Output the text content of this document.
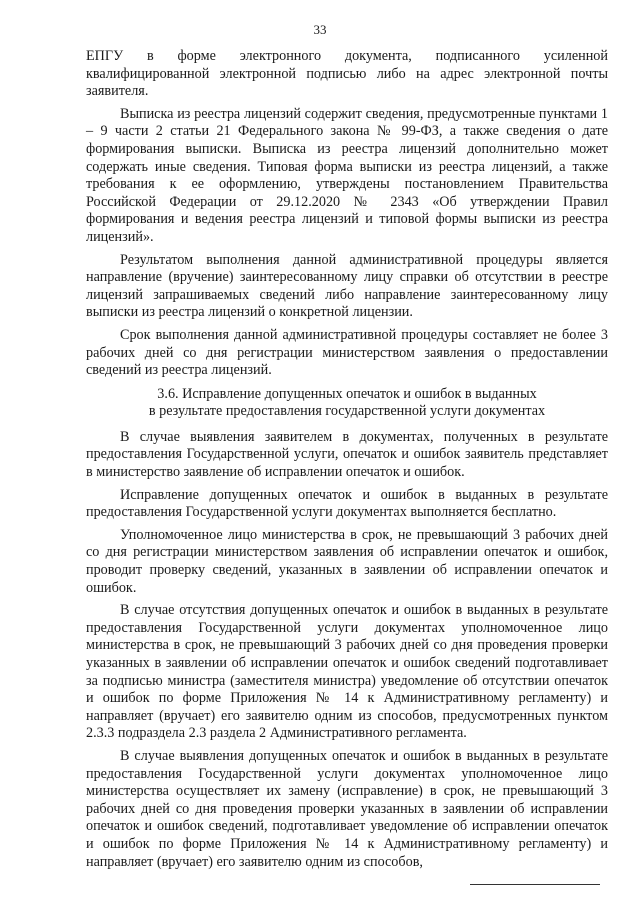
33

ЕПГУ в форме электронного документа, подписанного усиленной квалифицированной электронной подписью либо на адрес электронной почты заявителя.

Выписка из реестра лицензий содержит сведения, предусмотренные пунктами 1 – 9 части 2 статьи 21 Федерального закона № 99-ФЗ, а также сведения о дате формирования выписки. Выписка из реестра лицензий дополнительно может содержать иные сведения. Типовая форма выписки из реестра лицензий, а также требования к ее оформлению, утверждены постановлением Правительства Российской Федерации от 29.12.2020 № 2343 «Об утверждении Правил формирования и ведения реестра лицензий и типовой формы выписки из реестра лицензий».

Результатом выполнения данной административной процедуры является направление (вручение) заинтересованному лицу справки об отсутствии в реестре лицензий запрашиваемых сведений либо направление заинтересованному лицу выписки из реестра лицензий о конкретной лицензии.

Срок выполнения данной административной процедуры составляет не более 3 рабочих дней со дня регистрации министерством заявления о предоставлении сведений из реестра лицензий.

3.6. Исправление допущенных опечаток и ошибок в выданных
в результате предоставления государственной услуги документах

В случае выявления заявителем в документах, полученных в результате предоставления Государственной услуги, опечаток и ошибок заявитель представляет в министерство заявление об исправлении опечаток и ошибок.

Исправление допущенных опечаток и ошибок в выданных в результате предоставления Государственной услуги документах выполняется бесплатно.

Уполномоченное лицо министерства в срок, не превышающий 3 рабочих дней со дня регистрации министерством заявления об исправлении опечаток и ошибок, проводит проверку сведений, указанных в заявлении об исправлении опечаток и ошибок.

В случае отсутствия допущенных опечаток и ошибок в выданных в результате предоставления Государственной услуги документах уполномоченное лицо министерства в срок, не превышающий 3 рабочих дней со дня проведения проверки указанных в заявлении об исправлении опечаток и ошибок сведений подготавливает за подписью министра (заместителя министра) уведомление об отсутствии опечаток и ошибок по форме Приложения № 14 к Административному регламенту) и направляет (вручает) его заявителю одним из способов, предусмотренных пунктом 2.3.3 подраздела 2.3 раздела 2 Административного регламента.

В случае выявления допущенных опечаток и ошибок в выданных в результате предоставления Государственной услуги документах уполномоченное лицо министерства осуществляет их замену (исправление) в срок, не превышающий 3 рабочих дней со дня проведения проверки указанных в заявлении об исправлении опечаток и ошибок сведений, подготавливает уведомление об исправлении опечаток и ошибок по форме Приложения № 14 к Административному регламенту) и направляет (вручает) его заявителю одним из способов,
